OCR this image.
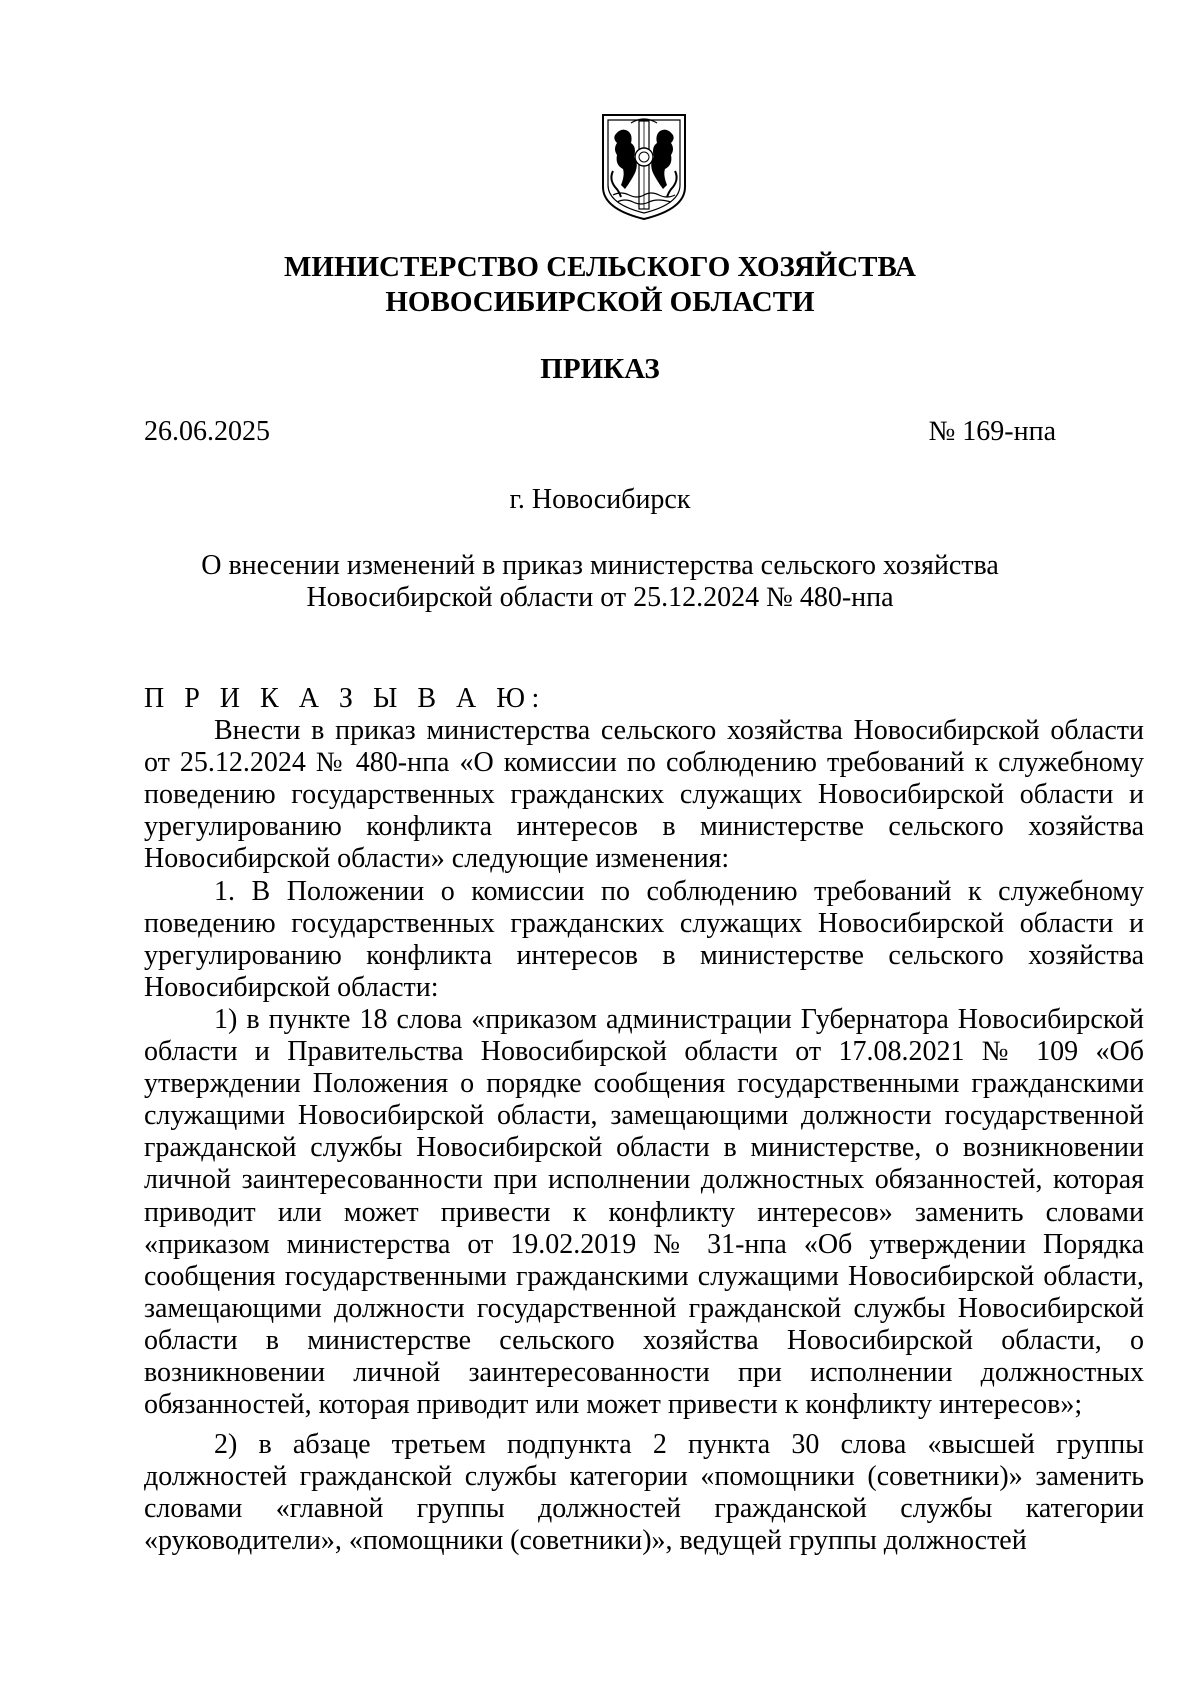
МИНИСТЕРСТВО СЕЛЬСКОГО ХОЗЯЙСТВА
НОВОСИБИРСКОЙ ОБЛАСТИ
ПРИКАЗ

26.06.2025	№ 169-нпа

г. Новосибирск

О внесении изменений в приказ министерства сельского хозяйства
Новосибирской области от 25.12.2024 № 480-нпа

П Р И К А З Ы В А Ю:

Внести в приказ министерства сельского хозяйства Новосибирской области от 25.12.2024 № 480-нпа «О комиссии по соблюдению требований к служебному поведению государственных гражданских служащих Новосибирской области и урегулированию конфликта интересов в министерстве сельского хозяйства Новосибирской области» следующие изменения:

1. В Положении о комиссии по соблюдению требований к служебному поведению государственных гражданских служащих Новосибирской области и урегулированию конфликта интересов в министерстве сельского хозяйства Новосибирской области:

1) в пункте 18 слова «приказом администрации Губернатора Новосибирской области и Правительства Новосибирской области от 17.08.2021 № 109 «Об утверждении Положения о порядке сообщения государственными гражданскими служащими Новосибирской области, замещающими должности государственной гражданской службы Новосибирской области в министерстве, о возникновении личной заинтересованности при исполнении должностных обязанностей, которая приводит или может привести к конфликту интересов» заменить словами «приказом министерства от 19.02.2019 № 31-нпа «Об утверждении Порядка сообщения государственными гражданскими служащими Новосибирской области, замещающими должности государственной гражданской службы Новосибирской области в министерстве сельского хозяйства Новосибирской области, о возникновении личной заинтересованности при исполнении должностных обязанностей, которая приводит или может привести к конфликту интересов»;

2) в абзаце третьем подпункта 2 пункта 30 слова «высшей группы должностей гражданской службы категории «помощники (советники)» заменить словами «главной группы должностей гражданской службы категории «руководители», «помощники (советники)», ведущей группы должностей
